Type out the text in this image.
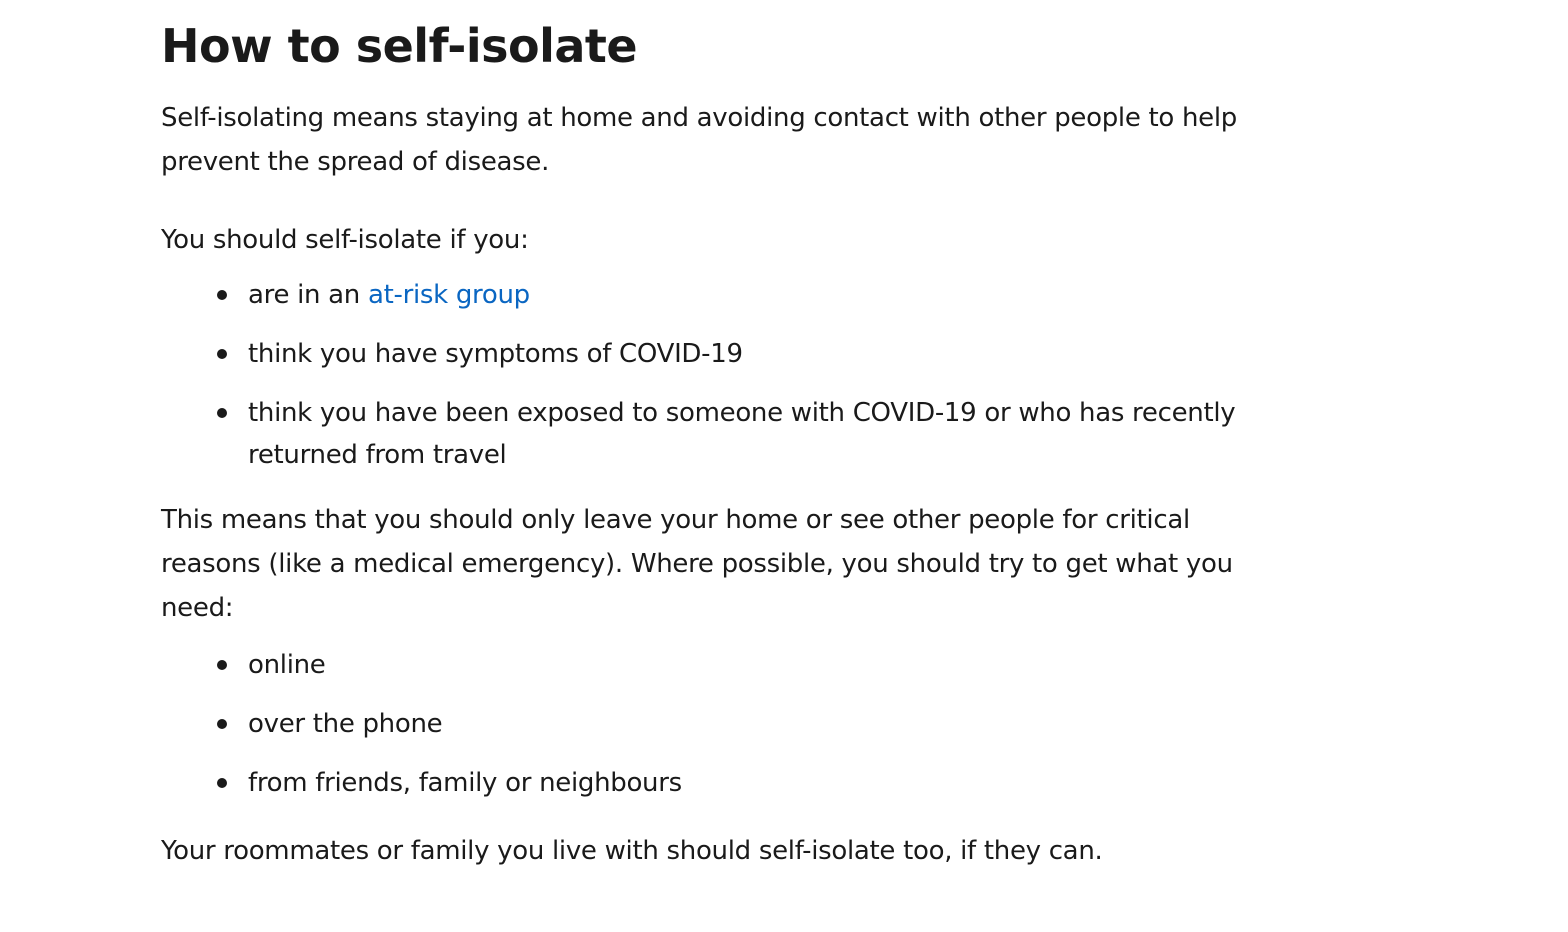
How to self-isolate

Self-isolating means staying at home and avoiding contact with other people to help prevent the spread of disease.

You should self-isolate if you:

are in an at-risk group
think you have symptoms of COVID-19
think you have been exposed to someone with COVID-19 or who has recently returned from travel

This means that you should only leave your home or see other people for critical reasons (like a medical emergency). Where possible, you should try to get what you need:

online
over the phone
from friends, family or neighbours

Your roommates or family you live with should self-isolate too, if they can.
